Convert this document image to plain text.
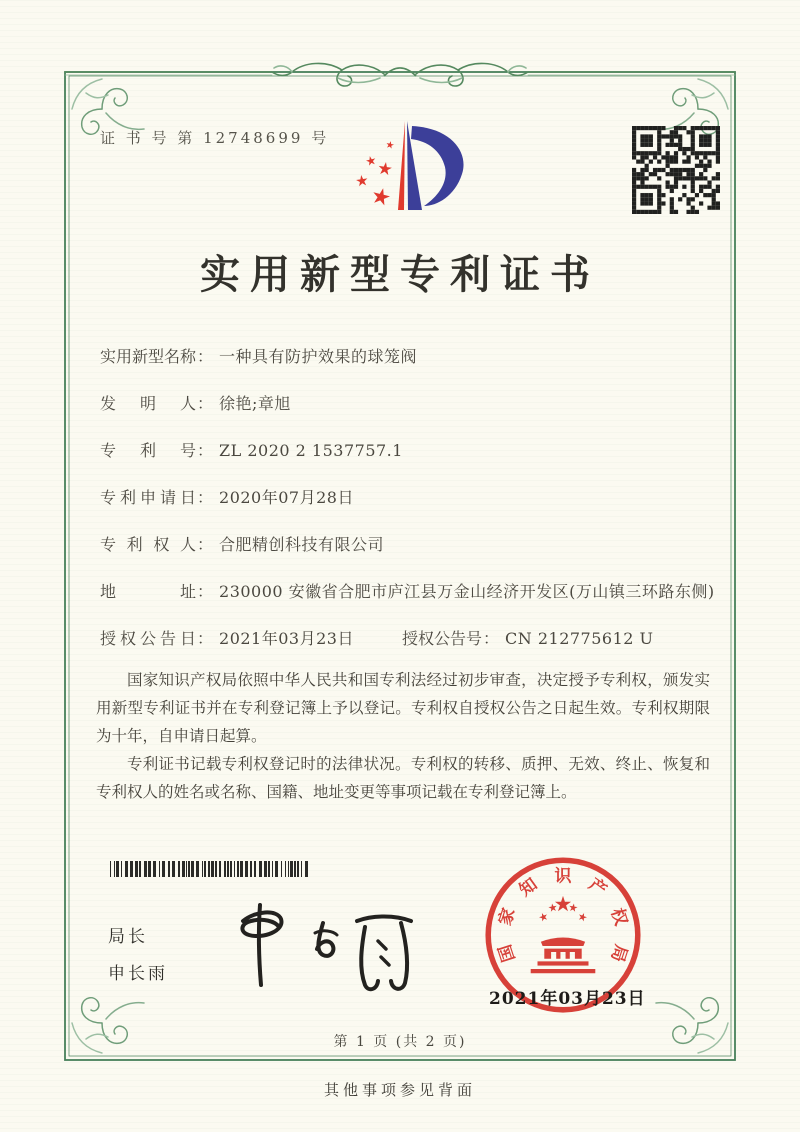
证 书 号 第 12748699 号
实用新型专利证书
实用新型名称 ： 一种具有防护效果的球笼阀
发明人 ： 徐艳;章旭
专利号 ： ZL 2020 2 1537757.1
专利申请日 ： 2020年07月28日
专利权人 ： 合肥精创科技有限公司
地址 ： 230000 安徽省合肥市庐江县万金山经济开发区(万山镇三环路东侧)
授权公告日 ： 2021年03月23日	授权公告号 ： CN 212775612 U

国家知识产权局依照中华人民共和国专利法经过初步审查，决定授予专利权，颁发实用新型专利证书并在专利登记簿上予以登记。专利权自授权公告之日起生效。专利权期限为十年，自申请日起算。

专利证书记载专利权登记时的法律状况。专利权的转移、质押、无效、终止、恢复和专利权人的姓名或名称、国籍、地址变更等事项记载在专利登记簿上。

局长
申长雨
国
家
知 识 产
权
局
2021年03月23日
第 1 页 (共 2 页)
其他事项参见背面
